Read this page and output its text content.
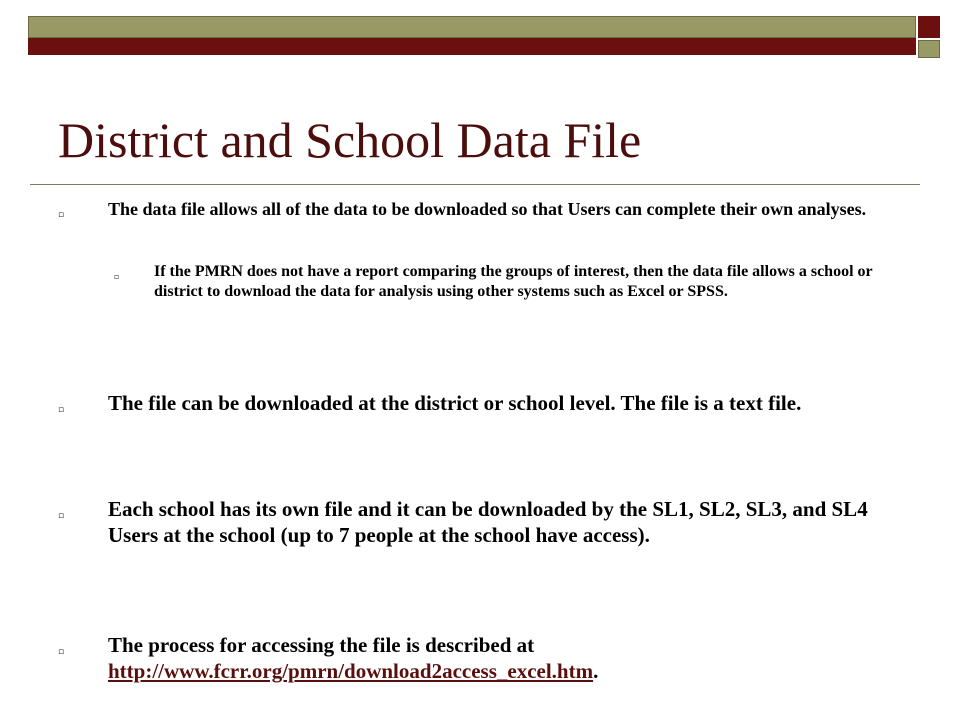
District and School Data File
▫ The data file allows all of the data to be downloaded so that Users can complete their own analyses.
▫ If the PMRN does not have a report comparing the groups of interest, then the data file allows a school or district to download the data for analysis using other systems such as Excel or SPSS.
▫ The file can be downloaded at the district or school level. The file is a text file.
▫ Each school has its own file and it can be downloaded by the SL1, SL2, SL3, and SL4 Users at the school (up to 7 people at the school have access).
▫ The process for accessing the file is described at
http://www.fcrr.org/pmrn/download2access_excel.htm.
